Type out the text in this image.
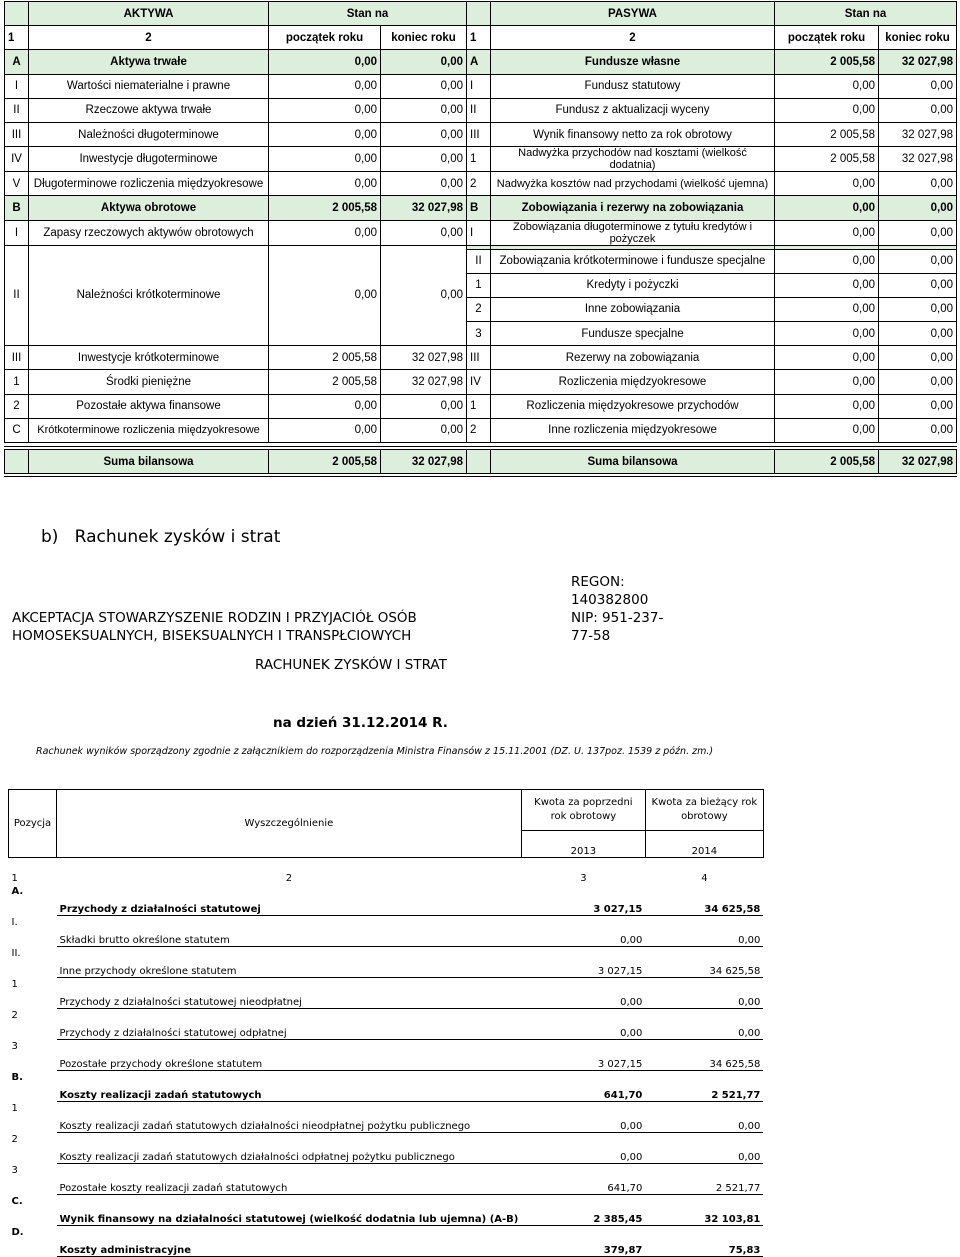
	AKTYWA	Stan na			PASYWA	Stan na	
1	2	początek roku	koniec roku	1	2	początek roku	koniec roku
A	Aktywa trwałe	0,00	0,00	A	Fundusze własne	2 005,58	32 027,98
I	Wartości niematerialne i prawne	0,00	0,00	I	Fundusz statutowy	0,00	0,00
II	Rzeczowe aktywa trwałe	0,00	0,00	II	Fundusz z aktualizacji wyceny	0,00	0,00
III	Należności długoterminowe	0,00	0,00	III	Wynik finansowy netto za rok obrotowy	2 005,58	32 027,98
IV	Inwestycje długoterminowe	0,00	0,00	1	Nadwyżka przychodów nad kosztami (wielkość dodatnia)	2 005,58	32 027,98
V	Długoterminowe rozliczenia międzyokresowe	0,00	0,00	2	Nadwyżka kosztów nad przychodami (wielkość ujemna)	0,00	0,00
B	Aktywa obrotowe	2 005,58	32 027,98	B	Zobowiązania i rezerwy na zobowiązania	0,00	0,00
I	Zapasy rzeczowych aktywów obrotowych	0,00	0,00	I	Zobowiązania długoterminowe z tytułu kredytów i pożyczek	0,00	0,00
II	Należności krótkoterminowe	0,00	0,00				
				II	Zobowiązania krótkoterminowe i fundusze specjalne	0,00	0,00
				1	Kredyty i pożyczki	0,00	0,00
				2	Inne zobowiązania	0,00	0,00
				3	Fundusze specjalne	0,00	0,00
III	Inwestycje krótkoterminowe	2 005,58	32 027,98	III	Rezerwy na zobowiązania	0,00	0,00
1	Środki pieniężne	2 005,58	32 027,98	IV	Rozliczenia międzyokresowe	0,00	0,00
2	Pozostałe aktywa finansowe	0,00	0,00	1	Rozliczenia międzyokresowe przychodów	0,00	0,00
C	Krótkoterminowe rozliczenia międzyokresowe	0,00	0,00	2	Inne rozliczenia międzyokresowe	0,00	0,00

	Suma bilansowa	2 005,58	32 027,98		Suma bilansowa	2 005,58	32 027,98
b)   Rachunek zysków i strat
REGON:
140382800
AKCEPTACJA STOWARZYSZENIE RODZIN I PRZYJACIÓŁ OSÓB	NIP: 951-237-
HOMOSEKSUALNYCH, BISEKSUALNYCH I TRANSPŁCIOWYCH	77-58
RACHUNEK ZYSKÓW I STRAT
na dzień 31.12.2014 R.
Rachunek wyników sporządzony zgodnie z załącznikiem do rozporządzenia Ministra Finansów z 15.11.2001 (DZ. U. 137poz. 1539 z późn. zm.)
Pozycja	Wyszczególnienie	Kwota za poprzedni rok obrotowy	Kwota za bieżący rok obrotowy
		2013	2014
1	2	3	4
A.	Przychody z działalności statutowej	3 027,15	34 625,58
I.	Składki brutto określone statutem	0,00	0,00
II.	Inne przychody określone statutem	3 027,15	34 625,58
1	Przychody z działalności statutowej nieodpłatnej	0,00	0,00
2	Przychody z działalności statutowej odpłatnej	0,00	0,00
3	Pozostałe przychody określone statutem	3 027,15	34 625,58
B.	Koszty realizacji zadań statutowych	641,70	2 521,77
1	Koszty realizacji zadań statutowych działalności nieodpłatnej pożytku publicznego	0,00	0,00
2	Koszty realizacji zadań statutowych działalności odpłatnej pożytku publicznego	0,00	0,00
3	Pozostałe koszty realizacji zadań statutowych	641,70	2 521,77
C.	Wynik finansowy na działalności statutowej (wielkość dodatnia lub ujemna) (A-B)	2 385,45	32 103,81
D.	Koszty administracyjne	379,87	75,83
